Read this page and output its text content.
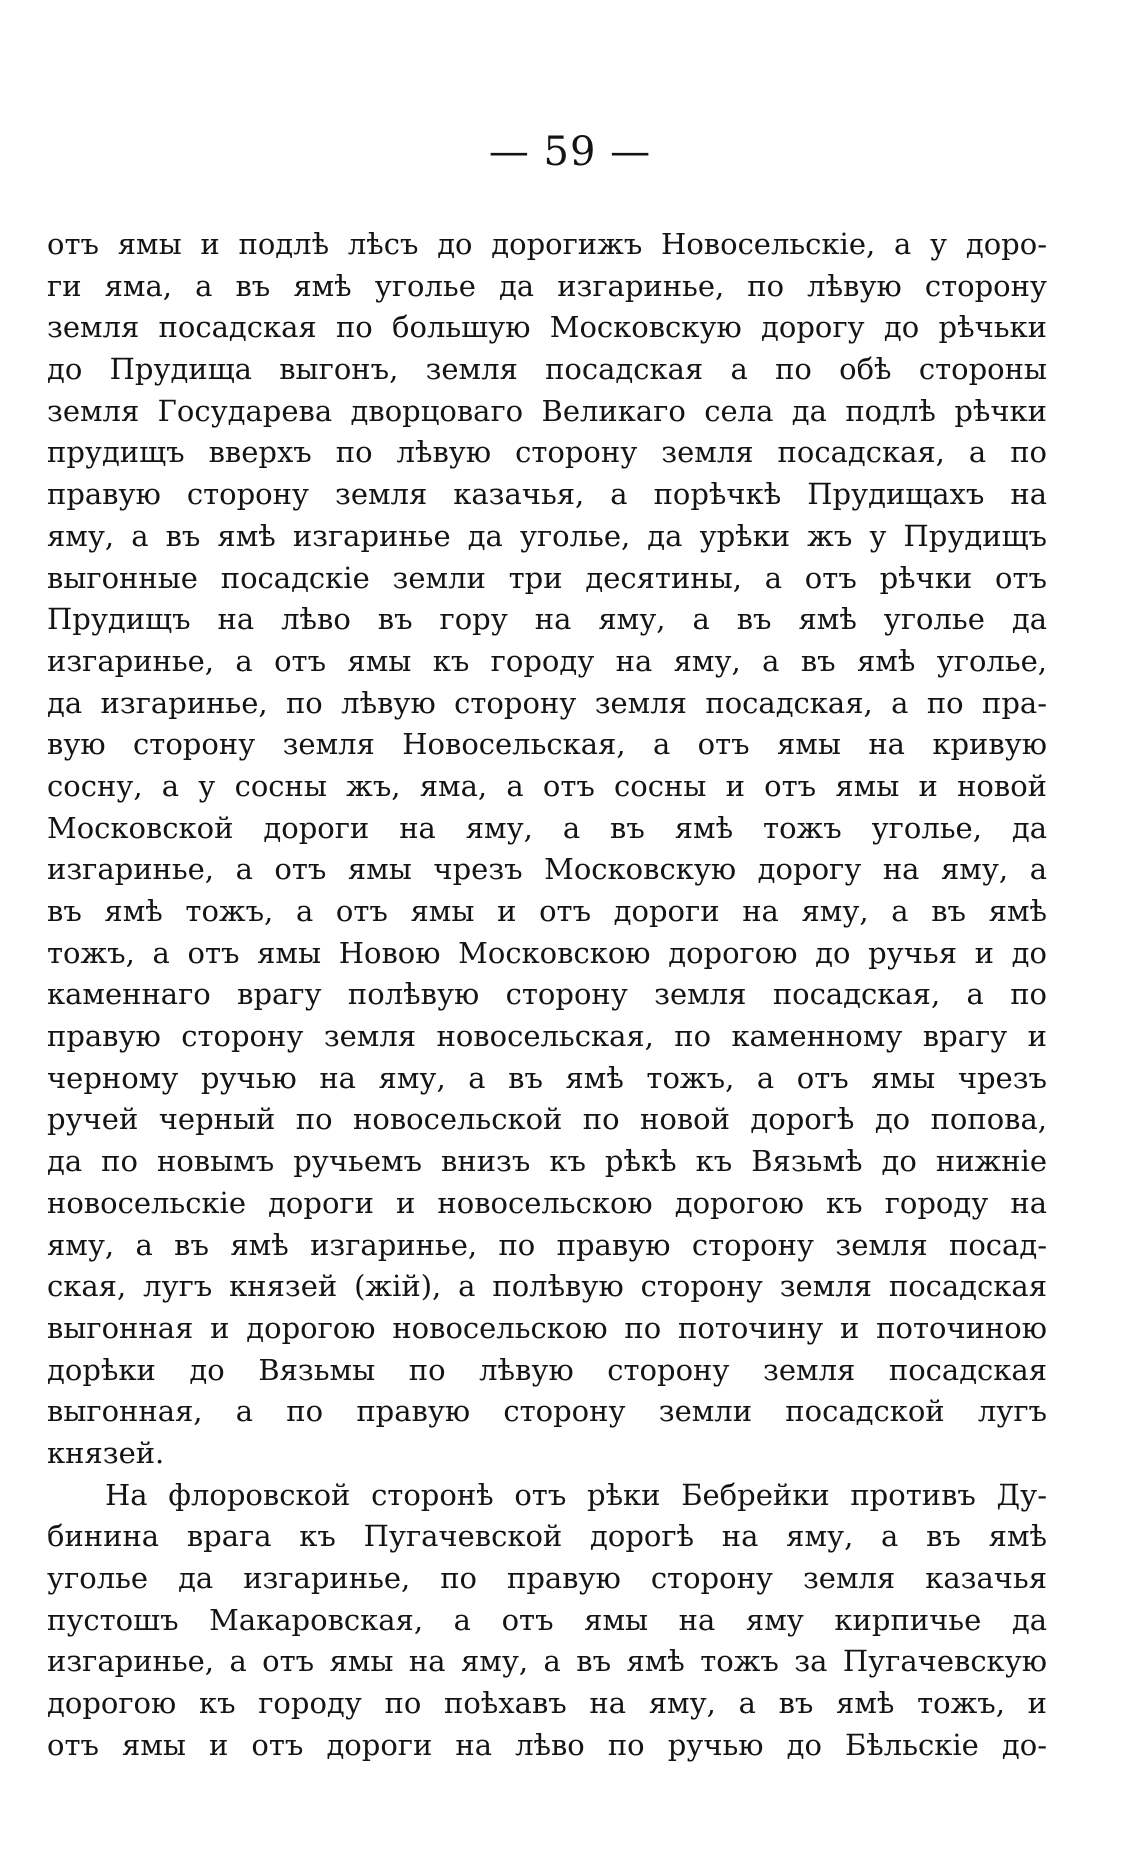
— 59 —
отъ ямы и подлѣ лѣсъ до дорогижъ Новосельскіе, а у доро-
ги яма, а въ ямѣ уголье да изгаринье, по лѣвую сторону
земля посадская по большую Московскую дорогу до рѣчьки
до Прудища выгонъ, земля посадская а по обѣ стороны
земля Государева дворцоваго Великаго села да подлѣ рѣчки
прудищъ вверхъ по лѣвую сторону земля посадская, а по
правую сторону земля казачья, а порѣчкѣ Прудищахъ на
яму, а въ ямѣ изгаринье да уголье, да урѣки жъ у Прудищъ
выгонные посадскіе земли три десятины, а отъ рѣчки отъ
Прудищъ на лѣво въ гору на яму, а въ ямѣ уголье да
изгаринье, а отъ ямы къ городу на яму, а въ ямѣ уголье,
да изгаринье, по лѣвую сторону земля посадская, а по пра-
вую сторону земля Новосельская, а отъ ямы на кривую
сосну, а у сосны жъ, яма, а отъ сосны и отъ ямы и новой
Московской дороги на яму, а въ ямѣ тожъ уголье, да
изгаринье, а отъ ямы чрезъ Московскую дорогу на яму, а
въ ямѣ тожъ, а отъ ямы и отъ дороги на яму, а въ ямѣ
тожъ, а отъ ямы Новою Московскою дорогою до ручья и до
каменнаго врагу полѣвую сторону земля посадская, а по
правую сторону земля новосельская, по каменному врагу и
черному ручью на яму, а въ ямѣ тожъ, а отъ ямы чрезъ
ручей черный по новосельской по новой дорогѣ до попова,
да по новымъ ручьемъ внизъ къ рѣкѣ къ Вязьмѣ до нижніе
новосельскіе дороги и новосельскою дорогою къ городу на
яму, а въ ямѣ изгаринье, по правую сторону земля посад-
ская, лугъ князей (жій), а полѣвую сторону земля посадская
выгонная и дорогою новосельскою по поточину и поточиною
дорѣки до Вязьмы по лѣвую сторону земля посадская
выгонная, а по правую сторону земли посадской лугъ
князей.
На флоровской сторонѣ отъ рѣки Бебрейки противъ Ду-
бинина врага къ Пугачевской дорогѣ на яму, а въ ямѣ
уголье да изгаринье, по правую сторону земля казачья
пустошъ Макаровская, а отъ ямы на яму кирпичье да
изгаринье, а отъ ямы на яму, а въ ямѣ тожъ за Пугачевскую
дорогою къ городу по поѣхавъ на яму, а въ ямѣ тожъ, и
отъ ямы и отъ дороги на лѣво по ручью до Бѣльскіе до-
